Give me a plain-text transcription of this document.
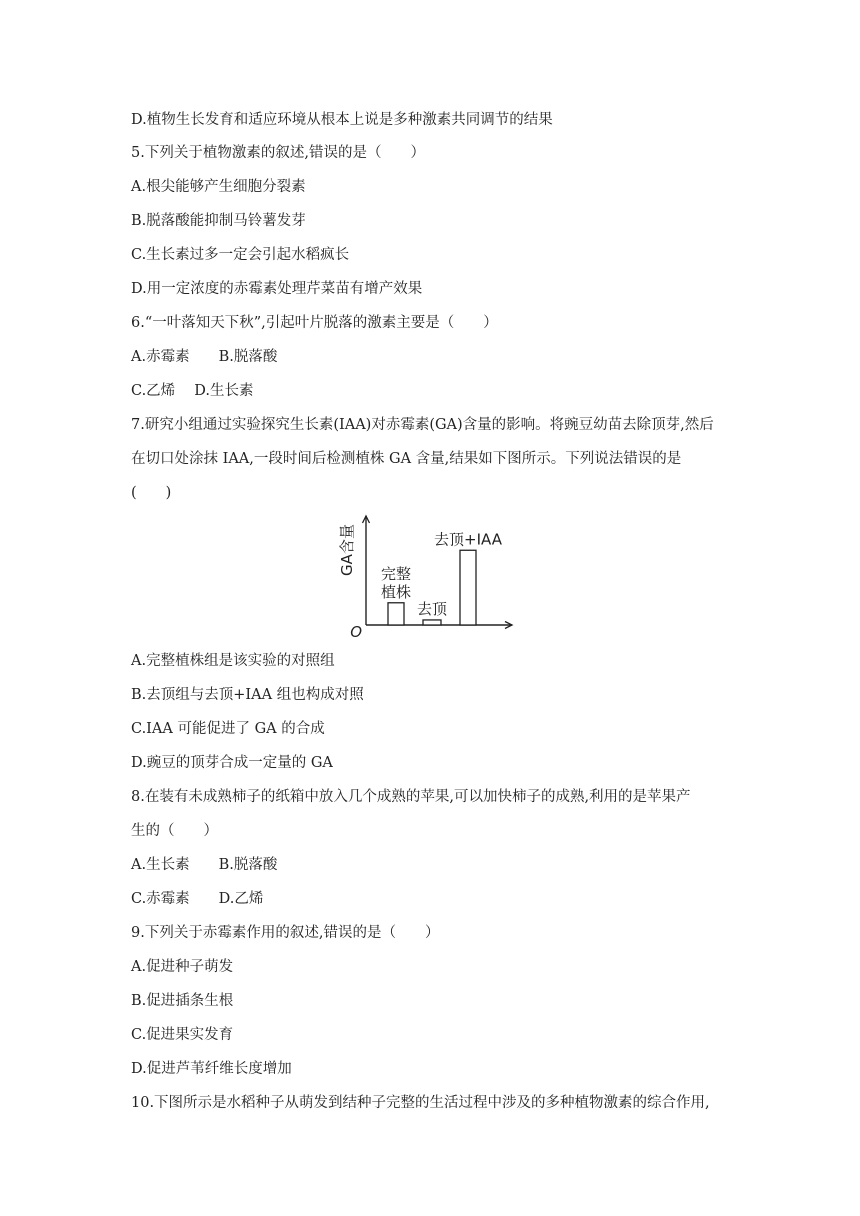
D.植物生长发育和适应环境从根本上说是多种激素共同调节的结果
5.下列关于植物激素的叙述,错误的是（　　）
A.根尖能够产生细胞分裂素
B.脱落酸能抑制马铃薯发芽
C.生长素过多一定会引起水稻疯长
D.用一定浓度的赤霉素处理芹菜苗有增产效果
6.“一叶落知天下秋”,引起叶片脱落的激素主要是（　　）
A.赤霉素　　B.脱落酸
C.乙烯　 D.生长素
7.研究小组通过实验探究生长素(IAA)对赤霉素(GA)含量的影响。将豌豆幼苗去除顶芽,然后
在切口处涂抹 IAA,一段时间后检测植株 GA 含量,结果如下图所示。下列说法错误的是
(　　)
A.完整植株组是该实验的对照组
B.去顶组与去顶+IAA 组也构成对照
C.IAA 可能促进了 GA 的合成
D.豌豆的顶芽合成一定量的 GA
8.在装有未成熟柿子的纸箱中放入几个成熟的苹果,可以加快柿子的成熟,利用的是苹果产
生的（　　）
A.生长素　　B.脱落酸
C.赤霉素　　D.乙烯
9.下列关于赤霉素作用的叙述,错误的是（　　）
A.促进种子萌发
B.促进插条生根
C.促进果实发育
D.促进芦苇纤维长度增加
10.下图所示是水稻种子从萌发到结种子完整的生活过程中涉及的多种植物激素的综合作用,
O
GA含量 完整
植株
去顶
去顶+IAA
